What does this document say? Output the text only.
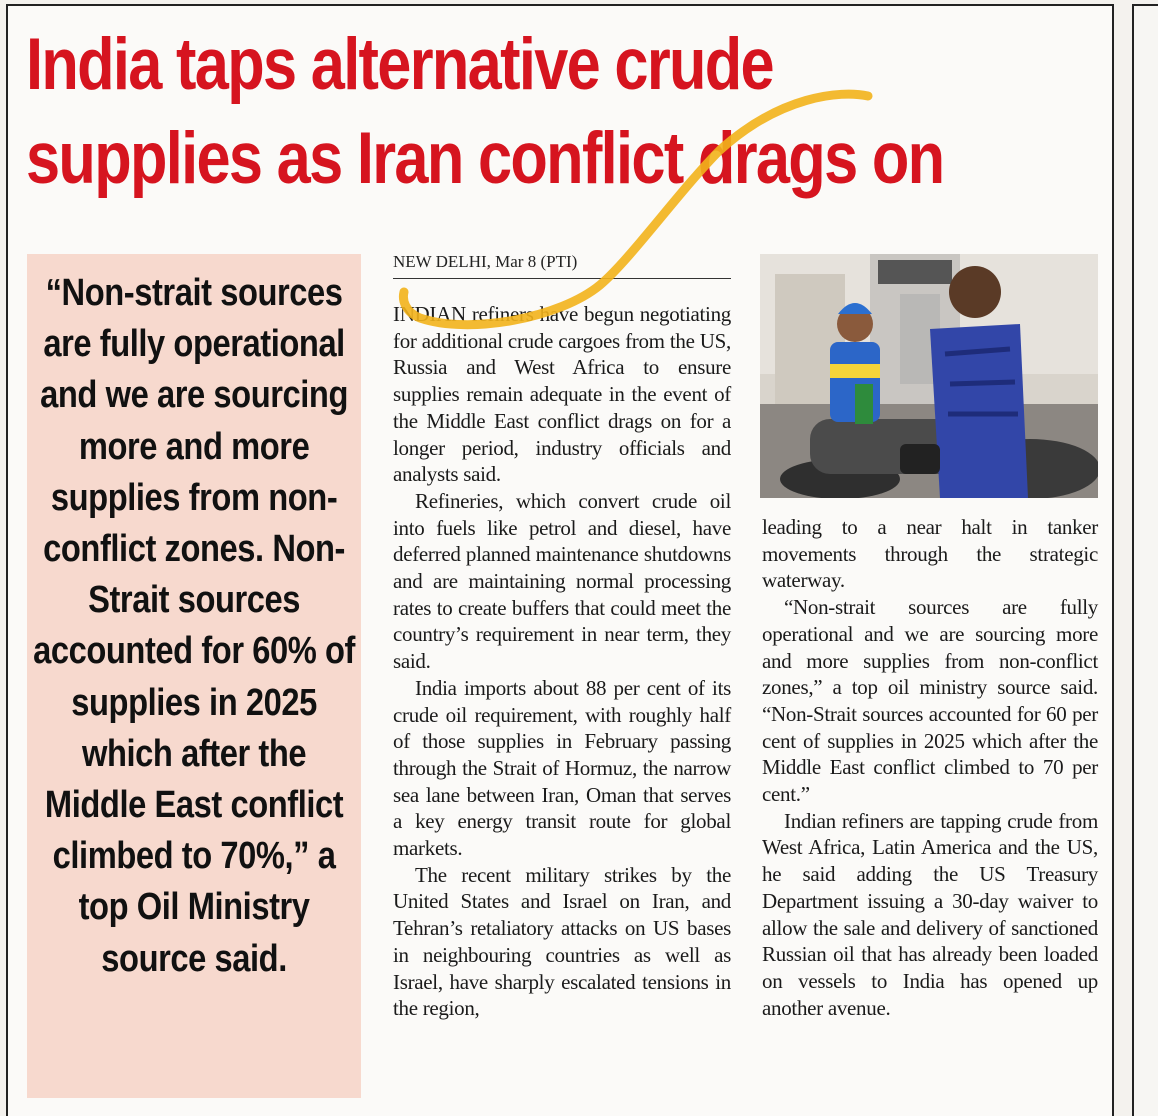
India taps alternative crude
supplies as Iran conflict drags on

“Non-strait sources are fully operational and we are sourcing more and more supplies from non-conflict zones. Non-Strait sources accounted for 60% of supplies in 2025 which after the Middle East conflict climbed to 70%,” a top Oil Ministry source said.

NEW DELHI, Mar 8 (PTI)

INDIAN refiners have begun negotiating for additional crude cargoes from the US, Russia and West Africa to ensure supplies remain adequate in the event of the Middle East conflict drags on for a longer period, industry officials and analysts said.

Refineries, which convert crude oil into fuels like petrol and diesel, have deferred planned maintenance shutdowns and are maintaining normal processing rates to create buffers that could meet the country’s requirement in near term, they said.

India imports about 88 per cent of its crude oil requirement, with roughly half of those supplies in February passing through the Strait of Hormuz, the narrow sea lane between Iran, Oman that serves a key energy transit route for global markets.

The recent military strikes by the United States and Israel on Iran, and Tehran’s retaliatory attacks on US bases in neighbouring countries as well as Israel, have sharply escalated tensions in the region,

leading to a near halt in tanker movements through the strategic waterway.

“Non-strait sources are fully operational and we are sourcing more and more supplies from non-conflict zones,” a top oil ministry source said. “Non-Strait sources accounted for 60 per cent of supplies in 2025 which after the Middle East conflict climbed to 70 per cent.”

Indian refiners are tapping crude from West Africa, Latin America and the US, he said adding the US Treasury Department issuing a 30-day waiver to allow the sale and delivery of sanctioned Russian oil that has already been loaded on vessels to India has opened up another avenue.
